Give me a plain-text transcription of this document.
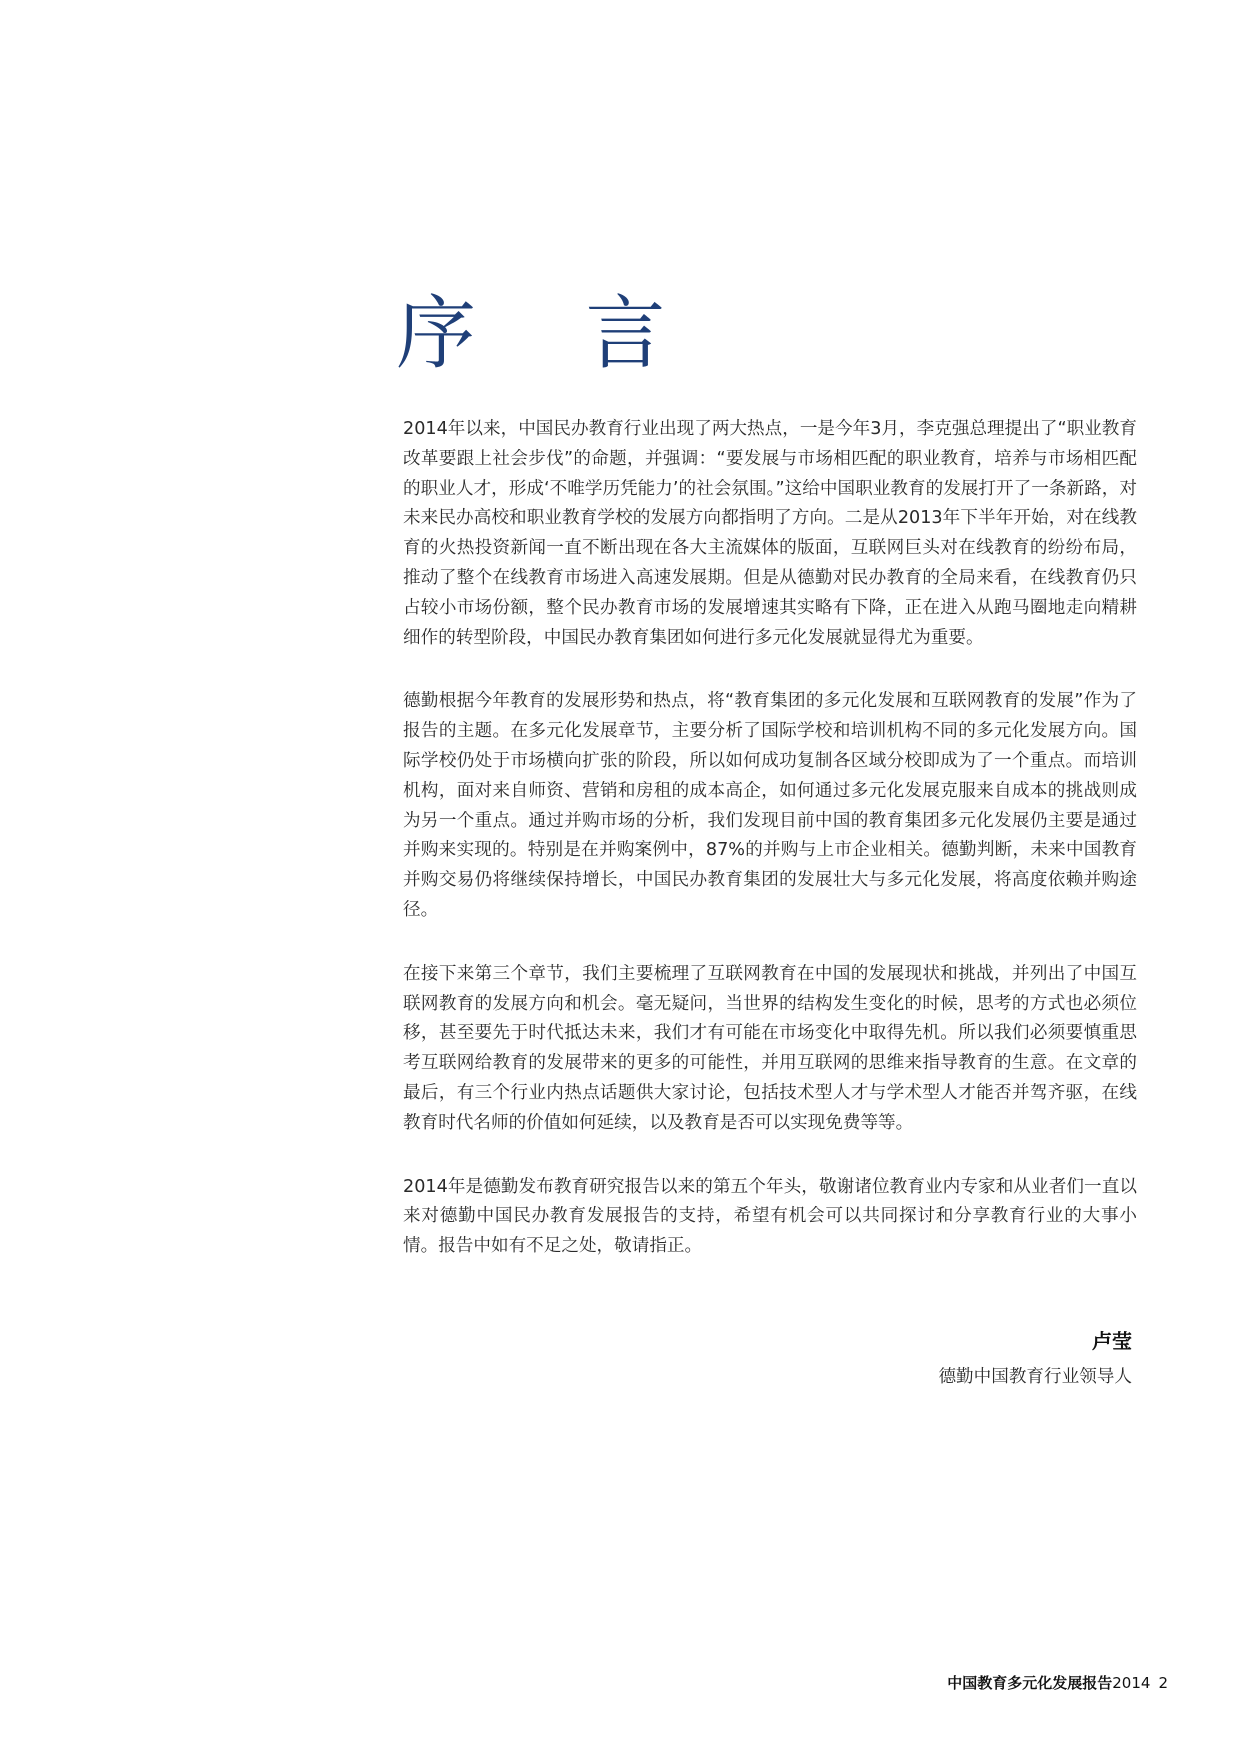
序 言

2014年以来，中国民办教育行业出现了两大热点，一是今年3月，李克强总理提出了“职业教育改革要跟上社会步伐”的命题，并强调：“要发展与市场相匹配的职业教育，培养与市场相匹配的职业人才，形成‘不唯学历凭能力’的社会氛围。”这给中国职业教育的发展打开了一条新路，对未来民办高校和职业教育学校的发展方向都指明了方向。二是从2013年下半年开始，对在线教育的火热投资新闻一直不断出现在各大主流媒体的版面，互联网巨头对在线教育的纷纷布局，推动了整个在线教育市场进入高速发展期。但是从德勤对民办教育的全局来看，在线教育仍只占较小市场份额，整个民办教育市场的发展增速其实略有下降，正在进入从跑马圈地走向精耕细作的转型阶段，中国民办教育集团如何进行多元化发展就显得尤为重要。

德勤根据今年教育的发展形势和热点，将“教育集团的多元化发展和互联网教育的发展”作为了报告的主题。在多元化发展章节，主要分析了国际学校和培训机构不同的多元化发展方向。国际学校仍处于市场横向扩张的阶段，所以如何成功复制各区域分校即成为了一个重点。而培训机构，面对来自师资、营销和房租的成本高企，如何通过多元化发展克服来自成本的挑战则成为另一个重点。通过并购市场的分析，我们发现目前中国的教育集团多元化发展仍主要是通过并购来实现的。特别是在并购案例中，87%的并购与上市企业相关。德勤判断，未来中国教育并购交易仍将继续保持增长，中国民办教育集团的发展壮大与多元化发展，将高度依赖并购途径。

在接下来第三个章节，我们主要梳理了互联网教育在中国的发展现状和挑战，并列出了中国互联网教育的发展方向和机会。毫无疑问，当世界的结构发生变化的时候，思考的方式也必须位移，甚至要先于时代抵达未来，我们才有可能在市场变化中取得先机。所以我们必须要慎重思考互联网给教育的发展带来的更多的可能性，并用互联网的思维来指导教育的生意。在文章的最后，有三个行业内热点话题供大家讨论，包括技术型人才与学术型人才能否并驾齐驱，在线教育时代名师的价值如何延续，以及教育是否可以实现免费等等。

2014年是德勤发布教育研究报告以来的第五个年头，敬谢诸位教育业内专家和从业者们一直以来对德勤中国民办教育发展报告的支持，希望有机会可以共同探讨和分享教育行业的大事小情。报告中如有不足之处，敬请指正。

卢莹
德勤中国教育行业领导人
中国教育多元化发展报告2014 2
